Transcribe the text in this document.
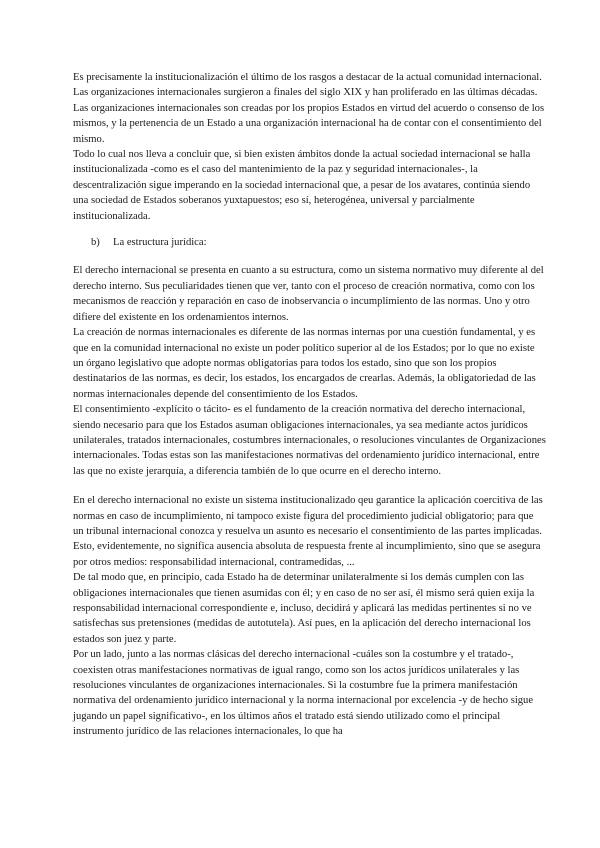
Es precisamente la institucionalización el último de los rasgos a destacar de la actual comunidad internacional. Las organizaciones internacionales surgieron a finales del siglo XIX y han proliferado en las últimas décadas.

Las organizaciones internacionales son creadas por los propios Estados en virtud del acuerdo o consenso de los mismos, y la pertenencia de un Estado a una organización internacional ha de contar con el consentimiento del mismo.

Todo lo cual nos lleva a concluir que, si bien existen ámbitos donde la actual sociedad internacional se halla institucionalizada -como es el caso del mantenimiento de la paz y seguridad internacionales-, la descentralización sigue imperando en la sociedad internacional que, a pesar de los avatares, continúa siendo una sociedad de Estados soberanos yuxtapuestos; eso sí, heterogénea, universal y parcialmente institucionalizada.

b) La estructura jurídica:

El derecho internacional se presenta en cuanto a su estructura, como un sistema normativo muy diferente al del derecho interno. Sus peculiaridades tienen que ver, tanto con el proceso de creación normativa, como con los mecanismos de reacción y reparación en caso de inobservancia o incumplimiento de las normas. Uno y otro difiere del existente en los ordenamientos internos.

La creación de normas internacionales es diferente de las normas internas por una cuestión fundamental, y es que en la comunidad internacional no existe un poder político superior al de los Estados; por lo que no existe un órgano legislativo que adopte normas obligatorias para todos los estado, sino que son los propios destinatarios de las normas, es decir, los estados, los encargados de crearlas. Además, la obligatoriedad de las normas internacionales depende del consentimiento de los Estados.

El consentimiento -explícito o tácito- es el fundamento de la creación normativa del derecho internacional, siendo necesario para que los Estados asuman obligaciones internacionales, ya sea mediante actos jurídicos unilaterales, tratados internacionales, costumbres internacionales, o resoluciones vinculantes de Organizaciones internacionales. Todas estas son las manifestaciones normativas del ordenamiento jurídico internacional, entre las que no existe jerarquía, a diferencia también de lo que ocurre en el derecho interno.

En el derecho internacional no existe un sistema institucionalizado qeu garantice la aplicación coercitiva de las normas en caso de incumplimiento, ni tampoco existe figura del procedimiento judicial obligatorio; para que un tribunal internacional conozca y resuelva un asunto es necesario el consentimiento de las partes implicadas. Esto, evidentemente, no significa ausencia absoluta de respuesta frente al incumplimiento, sino que se asegura por otros medios: responsabilidad internacional, contramedidas, ...

De tal modo que, en principio, cada Estado ha de determinar unilateralmente si los demás cumplen con las obligaciones internacionales que tienen asumidas con él; y en caso de no ser así, él mismo será quien exija la responsabilidad internacional correspondiente e, incluso, decidirá y aplicará las medidas pertinentes si no ve satisfechas sus pretensiones (medidas de autotutela). Así pues, en la aplicación del derecho internacional los estados son juez y parte.

Por un lado, junto a las normas clásicas del derecho internacional -cuáles son la costumbre y el tratado-, coexisten otras manifestaciones normativas de igual rango, como son los actos jurídicos unilaterales y las resoluciones vinculantes de organizaciones internacionales. Si la costumbre fue la primera manifestación normativa del ordenamiento jurídico internacional y la norma internacional por excelencia -y de hecho sigue jugando un papel significativo-, en los últimos años el tratado está siendo utilizado como el principal instrumento jurídico de las relaciones internacionales, lo que ha
